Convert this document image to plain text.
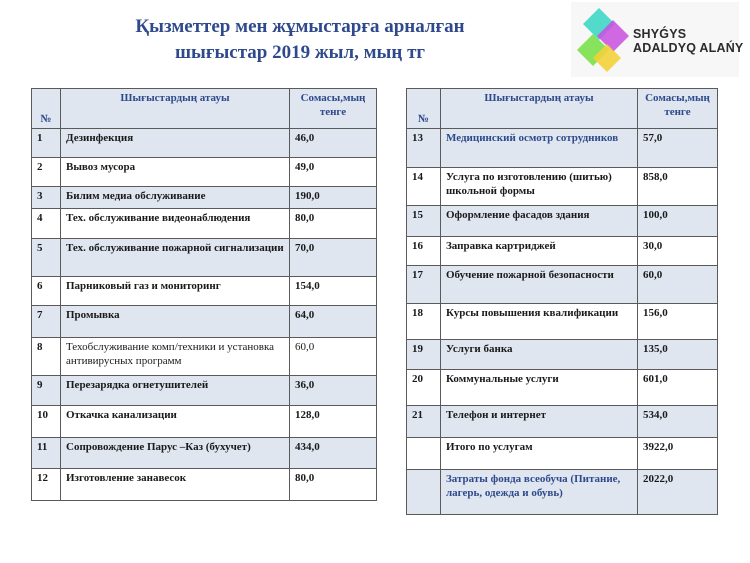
Қызметтер мен жұмыстарға арналған
шығыстар 2019 жыл, мың тг
SHYǴYS
ADALDYQ ALAŃY
№	Шығыстардың атауы	Сомасы,мың тенге
1	Дезинфекция	46,0
2	Вывоз мусора	49,0
3	Билим медиа обслуживание	190,0
4	Тех. обслуживание видеонаблюдения	80,0
5	Тех. обслуживание пожарной сигнализации	70,0
6	Парниковый газ и мониторинг	154,0
7	Промывка	64,0
8	Техобслуживание комп/техники и установка антивирусных программ	60,0
9	Перезарядка огнетушителей	36,0
10	Откачка канализации	128,0
11	Сопровождение Парус –Каз (бухучет)	434,0
12	Изготовление занавесок	80,0
№	Шығыстардың атауы	Сомасы,мың тенге
13	Медицинский осмотр сотрудников	57,0
14	Услуга по изготовлению (шитью) школьной формы	858,0
15	Оформление фасадов здания	100,0
16	Заправка картриджей	30,0
17	Обучение пожарной безопасности	60,0
18	Курсы повышения квалификации	156,0
19	Услуги банка	135,0
20	Коммунальные услуги	601,0
21	Телефон и интернет	534,0
	Итого по услугам	3922,0
	Затраты фонда всеобуча (Питание, лагерь, одежда и обувь)	2022,0
